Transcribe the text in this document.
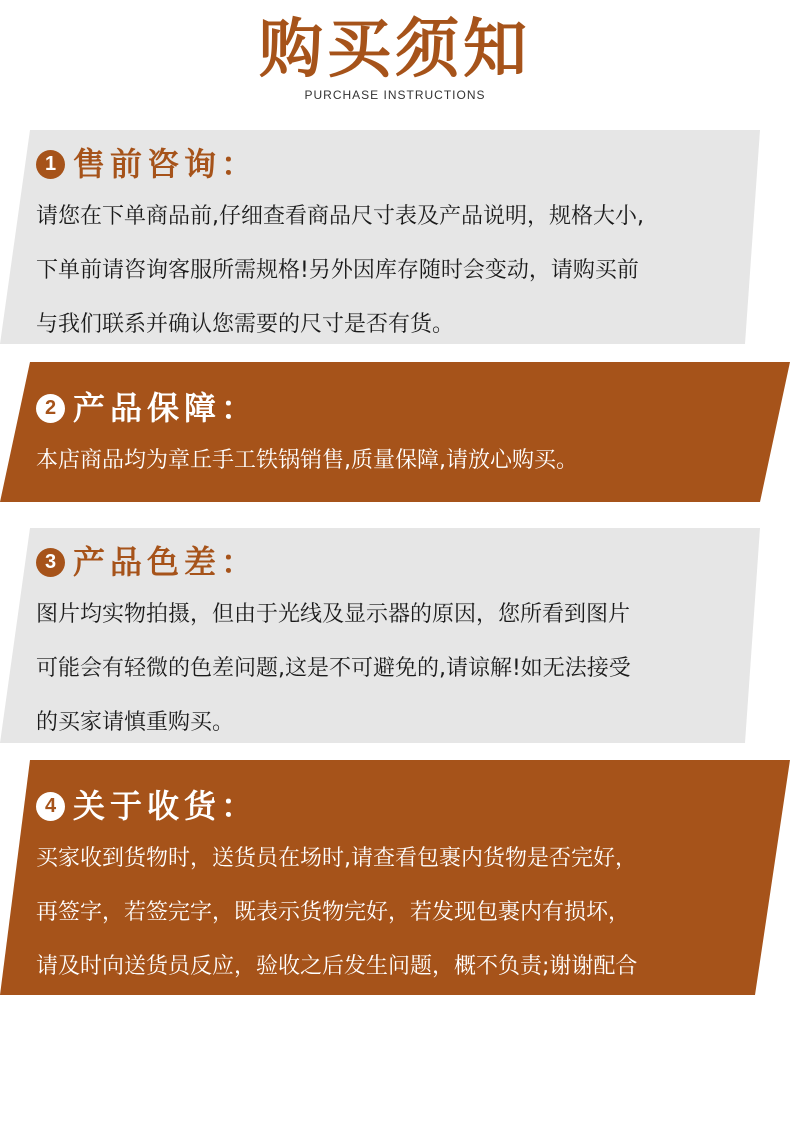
购买须知
PURCHASE INSTRUCTIONS
1 售前咨询：
请您在下单商品前,仔细查看商品尺寸表及产品说明，规格大小,
下单前请咨询客服所需规格!另外因库存随时会变动，请购买前
与我们联系并确认您需要的尺寸是否有货。
2 产品保障：
本店商品均为章丘手工铁锅销售,质量保障,请放心购买。
3 产品色差：
图片均实物拍摄，但由于光线及显示器的原因，您所看到图片
可能会有轻微的色差问题,这是不可避免的,请谅解!如无法接受
的买家请慎重购买。
4 关于收货：
买家收到货物时，送货员在场时,请查看包裹内货物是否完好，
再签字，若签完字，既表示货物完好，若发现包裹内有损坏，
请及时向送货员反应，验收之后发生问题，概不负责;谢谢配合
